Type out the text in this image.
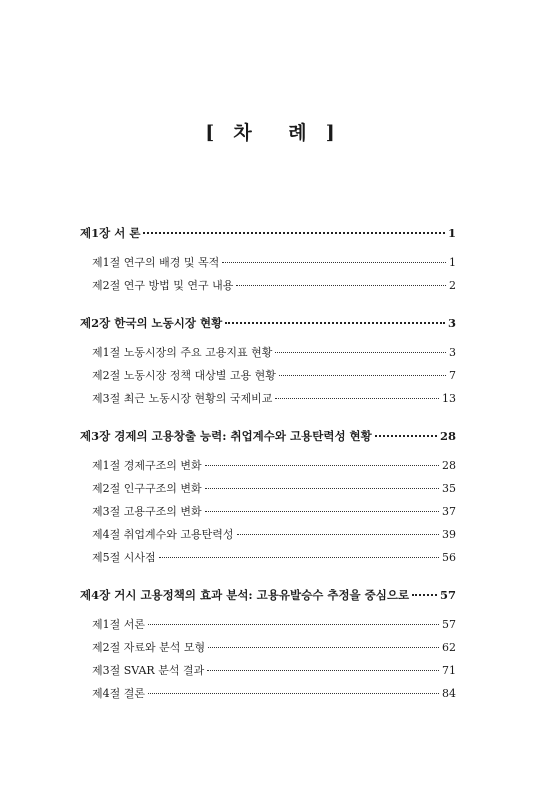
[  차    례  ]
제1장 서 론	1
제1절 연구의 배경 및 목적	1
제2절 연구 방법 및 연구 내용	2
제2장 한국의 노동시장 현황	3
제1절 노동시장의 주요 고용지표 현황	3
제2절 노동시장 정책 대상별 고용 현황	7
제3절 최근 노동시장 현황의 국제비교	13
제3장 경제의 고용창출 능력: 취업계수와 고용탄력성 현황	28
제1절 경제구조의 변화	28
제2절 인구구조의 변화	35
제3절 고용구조의 변화	37
제4절 취업계수와 고용탄력성	39
제5절 시사점	56
제4장 거시 고용정책의 효과 분석: 고용유발승수 추정을 중심으로	57
제1절 서론	57
제2절 자료와 분석 모형	62
제3절 SVAR 분석 결과	71
제4절 결론	84
